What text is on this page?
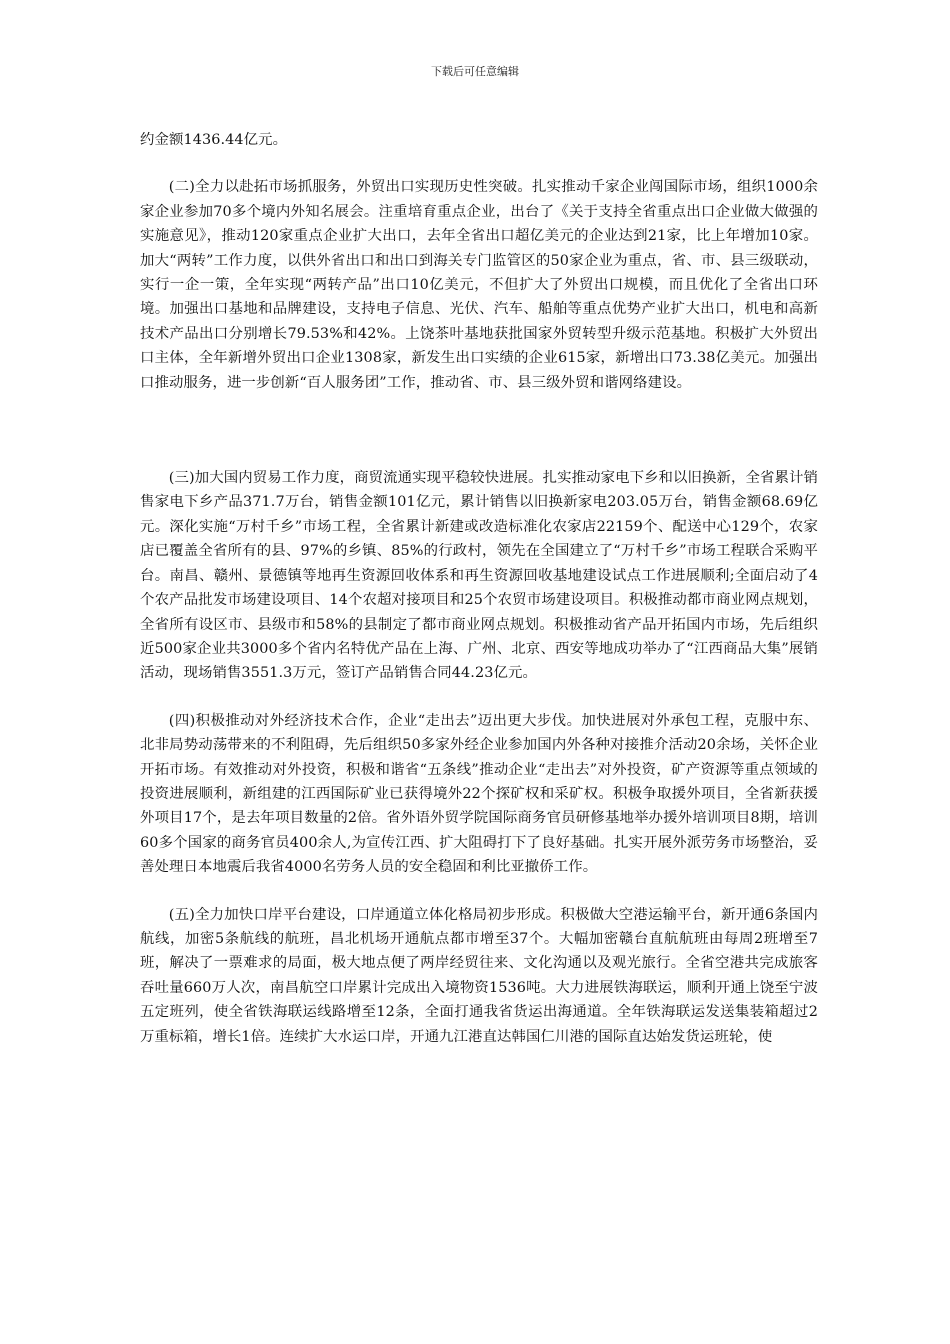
下载后可任意编辑

约金额1436.44亿元。

(二)全力以赴拓市场抓服务，外贸出口实现历史性突破。扎实推动千家企业闯国际市场，组织1000余家企业参加70多个境内外知名展会。注重培育重点企业，出台了《关于支持全省重点出口企业做大做强的实施意见》，推动120家重点企业扩大出口，去年全省出口超亿美元的企业达到21家，比上年增加10家。加大“两转”工作力度，以供外省出口和出口到海关专门监管区的50家企业为重点，省、市、县三级联动，实行一企一策，全年实现“两转产品”出口10亿美元，不但扩大了外贸出口规模，而且优化了全省出口环境。加强出口基地和品牌建设，支持电子信息、光伏、汽车、船舶等重点优势产业扩大出口，机电和高新技术产品出口分别增长79.53%和42%。上饶茶叶基地获批国家外贸转型升级示范基地。积极扩大外贸出口主体，全年新增外贸出口企业1308家，新发生出口实绩的企业615家，新增出口73.38亿美元。加强出口推动服务，进一步创新“百人服务团”工作，推动省、市、县三级外贸和谐网络建设。

(三)加大国内贸易工作力度，商贸流通实现平稳较快进展。扎实推动家电下乡和以旧换新，全省累计销售家电下乡产品371.7万台，销售金额101亿元，累计销售以旧换新家电203.05万台，销售金额68.69亿元。深化实施“万村千乡”市场工程，全省累计新建或改造标准化农家店22159个、配送中心129个，农家店已覆盖全省所有的县、97%的乡镇、85%的行政村，领先在全国建立了“万村千乡”市场工程联合采购平台。南昌、赣州、景德镇等地再生资源回收体系和再生资源回收基地建设试点工作进展顺利;全面启动了4个农产品批发市场建设项目、14个农超对接项目和25个农贸市场建设项目。积极推动都市商业网点规划，全省所有设区市、县级市和58%的县制定了都市商业网点规划。积极推动省产品开拓国内市场，先后组织近500家企业共3000多个省内名特优产品在上海、广州、北京、西安等地成功举办了“江西商品大集”展销活动，现场销售3551.3万元，签订产品销售合同44.23亿元。

(四)积极推动对外经济技术合作，企业“走出去”迈出更大步伐。加快进展对外承包工程，克服中东、北非局势动荡带来的不利阻碍，先后组织50多家外经企业参加国内外各种对接推介活动20余场，关怀企业开拓市场。有效推动对外投资，积极和谐省“五条线”推动企业“走出去”对外投资，矿产资源等重点领域的投资进展顺利，新组建的江西国际矿业已获得境外22个探矿权和采矿权。积极争取援外项目，全省新获援外项目17个，是去年项目数量的2倍。省外语外贸学院国际商务官员研修基地举办援外培训项目8期，培训60多个国家的商务官员400余人,为宣传江西、扩大阻碍打下了良好基础。扎实开展外派劳务市场整治，妥善处理日本地震后我省4000名劳务人员的安全稳固和利比亚撤侨工作。

(五)全力加快口岸平台建设，口岸通道立体化格局初步形成。积极做大空港运输平台，新开通6条国内航线，加密5条航线的航班，昌北机场开通航点都市增至37个。大幅加密赣台直航航班由每周2班增至7班，解决了一票难求的局面，极大地点便了两岸经贸往来、文化沟通以及观光旅行。全省空港共完成旅客吞吐量660万人次，南昌航空口岸累计完成出入境物资1536吨。大力进展铁海联运，顺利开通上饶至宁波五定班列，使全省铁海联运线路增至12条，全面打通我省货运出海通道。全年铁海联运发送集装箱超过2万重标箱，增长1倍。连续扩大水运口岸，开通九江港直达韩国仁川港的国际直达始发货运班轮，使
